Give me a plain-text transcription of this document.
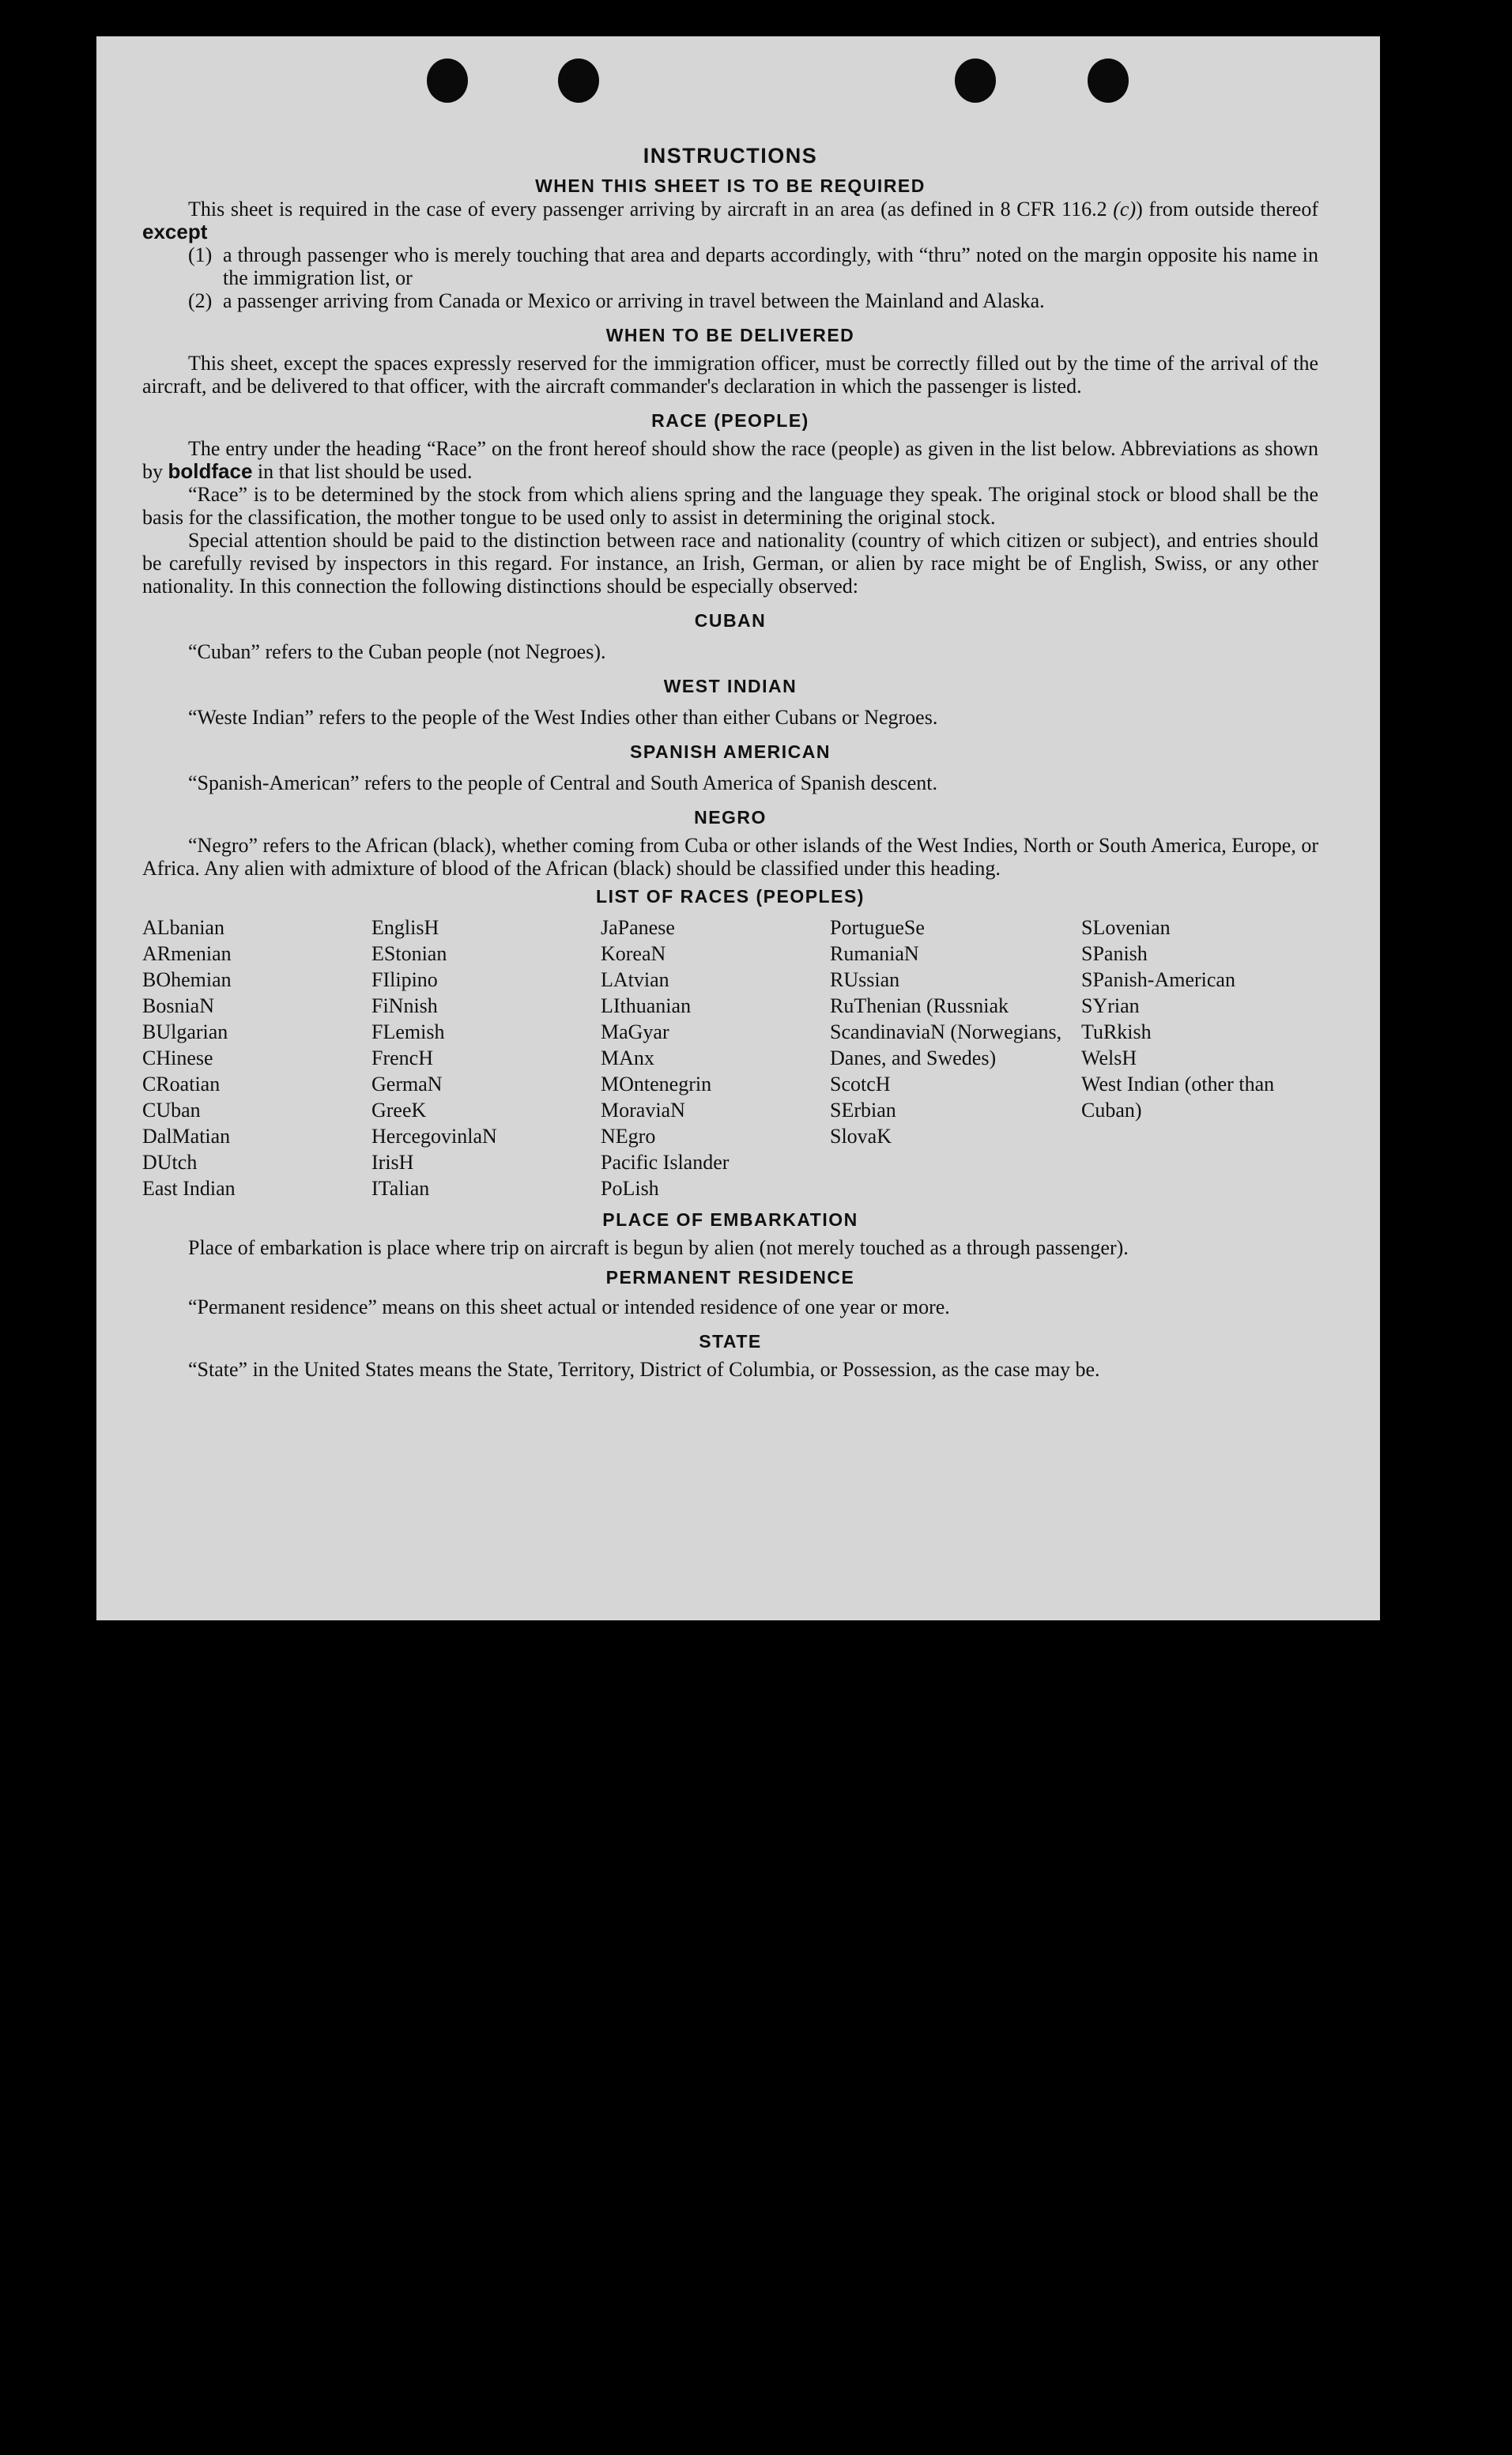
INSTRUCTIONS
WHEN THIS SHEET IS TO BE REQUIRED

This sheet is required in the case of every passenger arriving by aircraft in an area (as defined in 8 CFR 116.2 (c)) from outside thereof except

(1) a through passenger who is merely touching that area and departs accordingly, with “thru” noted on the margin opposite his name in the immigration list, or
(2) a passenger arriving from Canada or Mexico or arriving in travel between the Mainland and Alaska.
WHEN TO BE DELIVERED

This sheet, except the spaces expressly reserved for the immigration officer, must be correctly filled out by the time of the arrival of the aircraft, and be delivered to that officer, with the aircraft commander's declaration in which the passenger is listed.

RACE (PEOPLE)

The entry under the heading “Race” on the front hereof should show the race (people) as given in the list below. Abbreviations as shown by boldface in that list should be used.

“Race” is to be determined by the stock from which aliens spring and the language they speak. The original stock or blood shall be the basis for the classification, the mother tongue to be used only to assist in determining the original stock.

Special attention should be paid to the distinction between race and nationality (country of which citizen or subject), and entries should be carefully revised by inspectors in this regard. For instance, an Irish, German, or alien by race might be of English, Swiss, or any other nationality. In this connection the following distinctions should be especially observed:

CUBAN

“Cuban” refers to the Cuban people (not Negroes).

WEST INDIAN

“Weste Indian” refers to the people of the West Indies other than either Cubans or Negroes.

SPANISH AMERICAN

“Spanish-American” refers to the people of Central and South America of Spanish descent.

NEGRO

“Negro” refers to the African (black), whether coming from Cuba or other islands of the West Indies, North or South America, Europe, or Africa. Any alien with admixture of blood of the African (black) should be classified under this heading.

LIST OF RACES (PEOPLES)
ALbanian
ARmenian
BOhemian
BosniaN
BUlgarian
CHinese
CRoatian
CUban
DalMatian
DUtch
East Indian
EnglisH
EStonian
FIlipino
FiNnish
FLemish
FrencH
GermaN
GreeK
HercegovinlaN
IrisH
ITalian
JaPanese
KoreaN
LAtvian
LIthuanian
MaGyar
MAnx
MOntenegrin
MoraviaN
NEgro
Pacific Islander
PoLish
PortugueSe
RumaniaN
RUssian
RuThenian (Russniak
ScandinaviaN (Norwegians, Danes, and Swedes)
ScotcH
SErbian
SlovaK
SLovenian
SPanish
SPanish-American
SYrian
TuRkish
WelsH
West Indian (other than Cuban)
PLACE OF EMBARKATION

Place of embarkation is place where trip on aircraft is begun by alien (not merely touched as a through passenger).

PERMANENT RESIDENCE

“Permanent residence” means on this sheet actual or intended residence of one year or more.

STATE

“State” in the United States means the State, Territory, District of Columbia, or Possession, as the case may be.
